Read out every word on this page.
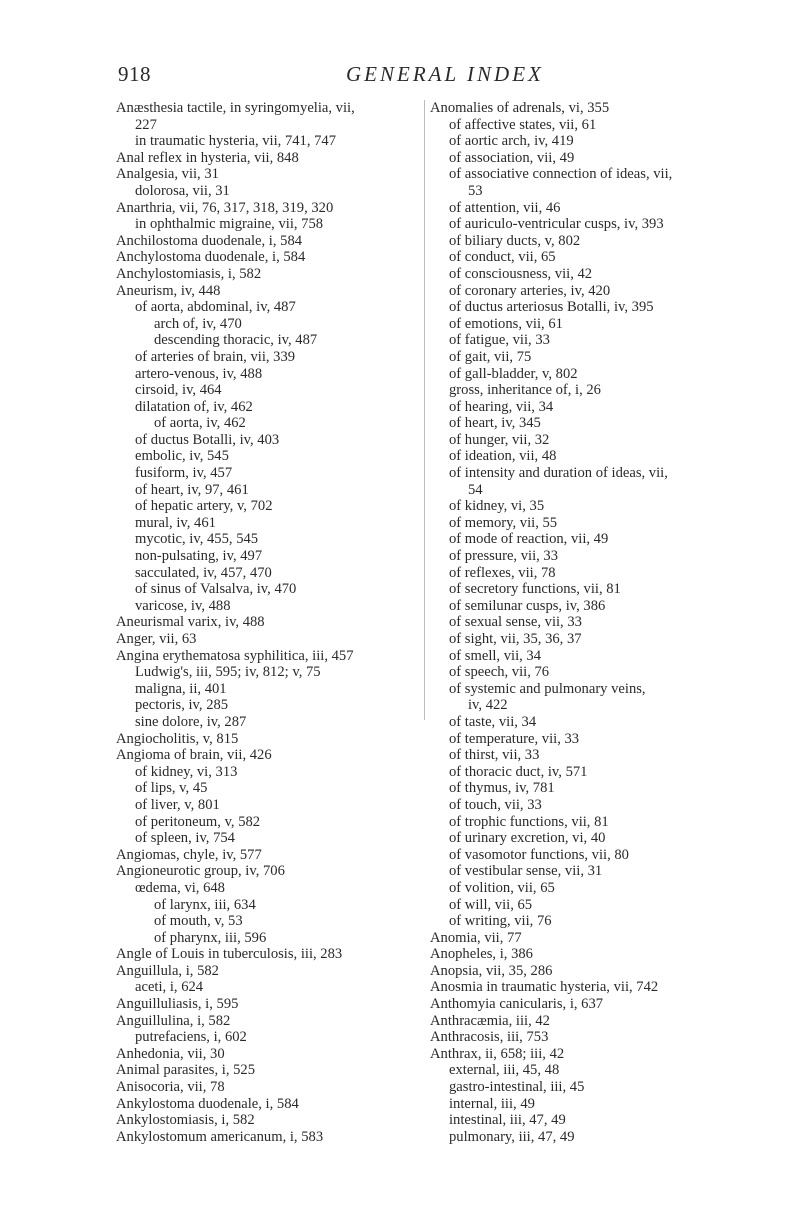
918	GENERAL INDEX
Anæsthesia tactile, in syringomyelia, vii,
227
in traumatic hysteria, vii, 741, 747
Anal reflex in hysteria, vii, 848
Analgesia, vii, 31
dolorosa, vii, 31
Anarthria, vii, 76, 317, 318, 319, 320
in ophthalmic migraine, vii, 758
Anchilostoma duodenale, i, 584
Anchylostoma duodenale, i, 584
Anchylostomiasis, i, 582
Aneurism, iv, 448
of aorta, abdominal, iv, 487
arch of, iv, 470
descending thoracic, iv, 487
of arteries of brain, vii, 339
artero-venous, iv, 488
cirsoid, iv, 464
dilatation of, iv, 462
of aorta, iv, 462
of ductus Botalli, iv, 403
embolic, iv, 545
fusiform, iv, 457
of heart, iv, 97, 461
of hepatic artery, v, 702
mural, iv, 461
mycotic, iv, 455, 545
non-pulsating, iv, 497
sacculated, iv, 457, 470
of sinus of Valsalva, iv, 470
varicose, iv, 488
Aneurismal varix, iv, 488
Anger, vii, 63
Angina erythematosa syphilitica, iii, 457
Ludwig's, iii, 595; iv, 812; v, 75
maligna, ii, 401
pectoris, iv, 285
sine dolore, iv, 287
Angiocholitis, v, 815
Angioma of brain, vii, 426
of kidney, vi, 313
of lips, v, 45
of liver, v, 801
of peritoneum, v, 582
of spleen, iv, 754
Angiomas, chyle, iv, 577
Angioneurotic group, iv, 706
œdema, vi, 648
of larynx, iii, 634
of mouth, v, 53
of pharynx, iii, 596
Angle of Louis in tuberculosis, iii, 283
Anguillula, i, 582
aceti, i, 624
Anguilluliasis, i, 595
Anguillulina, i, 582
putrefaciens, i, 602
Anhedonia, vii, 30
Animal parasites, i, 525
Anisocoria, vii, 78
Ankylostoma duodenale, i, 584
Ankylostomiasis, i, 582
Ankylostomum americanum, i, 583
Anomalies of adrenals, vi, 355
of affective states, vii, 61
of aortic arch, iv, 419
of association, vii, 49
of associative connection of ideas, vii,
53
of attention, vii, 46
of auriculo-ventricular cusps, iv, 393
of biliary ducts, v, 802
of conduct, vii, 65
of consciousness, vii, 42
of coronary arteries, iv, 420
of ductus arteriosus Botalli, iv, 395
of emotions, vii, 61
of fatigue, vii, 33
of gait, vii, 75
of gall-bladder, v, 802
gross, inheritance of, i, 26
of hearing, vii, 34
of heart, iv, 345
of hunger, vii, 32
of ideation, vii, 48
of intensity and duration of ideas, vii,
54
of kidney, vi, 35
of memory, vii, 55
of mode of reaction, vii, 49
of pressure, vii, 33
of reflexes, vii, 78
of secretory functions, vii, 81
of semilunar cusps, iv, 386
of sexual sense, vii, 33
of sight, vii, 35, 36, 37
of smell, vii, 34
of speech, vii, 76
of systemic and pulmonary veins,
iv, 422
of taste, vii, 34
of temperature, vii, 33
of thirst, vii, 33
of thoracic duct, iv, 571
of thymus, iv, 781
of touch, vii, 33
of trophic functions, vii, 81
of urinary excretion, vi, 40
of vasomotor functions, vii, 80
of vestibular sense, vii, 31
of volition, vii, 65
of will, vii, 65
of writing, vii, 76
Anomia, vii, 77
Anopheles, i, 386
Anopsia, vii, 35, 286
Anosmia in traumatic hysteria, vii, 742
Anthomyia canicularis, i, 637
Anthracæmia, iii, 42
Anthracosis, iii, 753
Anthrax, ii, 658; iii, 42
external, iii, 45, 48
gastro-intestinal, iii, 45
internal, iii, 49
intestinal, iii, 47, 49
pulmonary, iii, 47, 49
